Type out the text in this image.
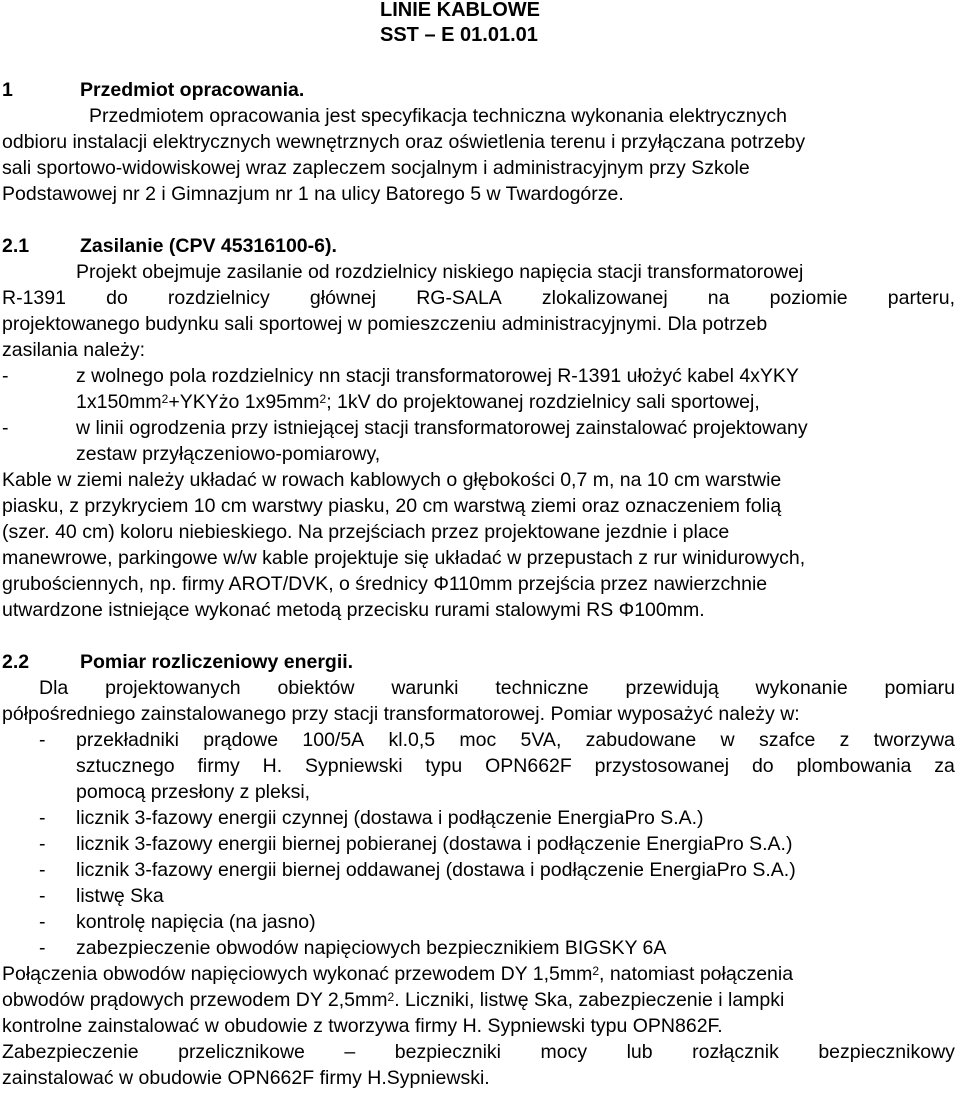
LINIE KABLOWE
SST – E 01.01.01
1	Przedmiot opracowania.
Przedmiotem opracowania jest specyfikacja techniczna wykonania elektrycznych
odbioru instalacji elektrycznych wewnętrznych oraz oświetlenia terenu i przyłączana potrzeby
sali sportowo-widowiskowej wraz zapleczem socjalnym i administracyjnym przy Szkole
Podstawowej nr 2 i Gimnazjum nr 1 na ulicy Batorego 5 w Twardogórze.
2.1	Zasilanie (CPV 45316100-6).
Projekt obejmuje zasilanie od rozdzielnicy niskiego napięcia stacji transformatorowej
R-1391 do rozdzielnicy głównej RG-SALA zlokalizowanej na poziomie parteru,
projektowanego budynku sali sportowej w pomieszczeniu administracyjnymi. Dla potrzeb
zasilania należy:
-	z wolnego pola rozdzielnicy nn stacji transformatorowej R-1391 ułożyć kabel 4xYKY
$1x150mm^2+YKYżo$ $1x95mm^2$; 1kV do projektowanej rozdzielnicy sali sportowej,
-	w linii ogrodzenia przy istniejącej stacji transformatorowej zainstalować projektowany
zestaw przyłączeniowo-pomiarowy,
Kable w ziemi należy układać w rowach kablowych o głębokości 0,7 m, na 10 cm warstwie
piasku, z przykryciem 10 cm warstwy piasku, 20 cm warstwą ziemi oraz oznaczeniem folią
(szer. 40 cm) koloru niebieskiego. Na przejściach przez projektowane jezdnie i place
manewrowe, parkingowe w/w kable projektuje się układać w przepustach z rur winidurowych,
grubościennych, np. firmy AROT/DVK, o średnicy Φ110mm przejścia przez nawierzchnie
utwardzone istniejące wykonać metodą przecisku rurami stalowymi RS Φ100mm.
2.2	Pomiar rozliczeniowy energii.
Dla projektowanych obiektów warunki techniczne przewidują wykonanie pomiaru
półpośredniego zainstalowanego przy stacji transformatorowej. Pomiar wyposażyć należy w:
- przekładniki prądowe 100/5A kl.0,5 moc 5VA, zabudowane w szafce z tworzywa
sztucznego firmy H. Sypniewski typu OPN662F przystosowanej do plombowania za
pomocą przesłony z pleksi,
- licznik 3-fazowy energii czynnej (dostawa i podłączenie EnergiaPro S.A.)
- licznik 3-fazowy energii biernej pobieranej (dostawa i podłączenie EnergiaPro S.A.)
- licznik 3-fazowy energii biernej oddawanej (dostawa i podłączenie EnergiaPro S.A.)
- listwę Ska
- kontrolę napięcia (na jasno)
- zabezpieczenie obwodów napięciowych bezpiecznikiem BIGSKY 6A
Połączenia obwodów napięciowych wykonać przewodem DY $1,5mm^2$, natomiast połączenia
obwodów prądowych przewodem DY $2,5mm^2$. Liczniki, listwę Ska, zabezpieczenie i lampki
kontrolne zainstalować w obudowie z tworzywa firmy H. Sypniewski typu OPN862F.
Zabezpieczenie przelicznikowe – bezpieczniki mocy lub rozłącznik bezpiecznikowy
zainstalować w obudowie OPN662F firmy H.Sypniewski.
